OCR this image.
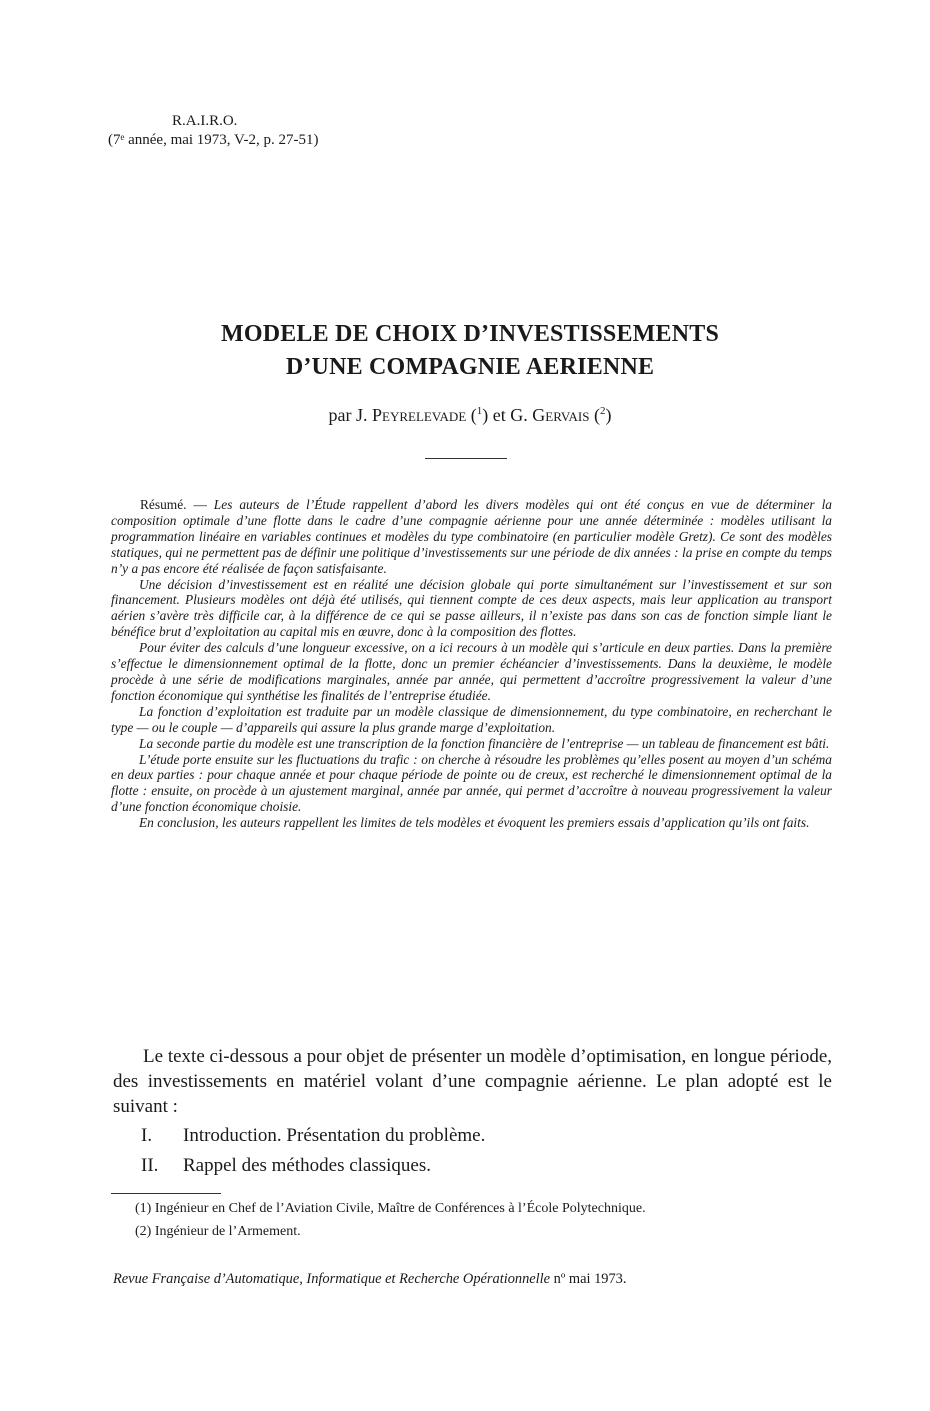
R.A.I.R.O.
(7ᵉ année, mai 1973, V-2, p. 27-51)
MODELE DE CHOIX D’INVESTISSEMENTS
D’UNE COMPAGNIE AERIENNE
par J. Peyrelevade ($^1$) et G. Gervais ($^2$)

Résumé. — Les auteurs de l’Étude rappellent d’abord les divers modèles qui ont été conçus en vue de déterminer la composition optimale d’une flotte dans le cadre d’une compagnie aérienne pour une année déterminée : modèles utilisant la programmation linéaire en variables continues et modèles du type combinatoire (en particulier modèle Gretz). Ce sont des modèles statiques, qui ne permettent pas de définir une politique d’investissements sur une période de dix années : la prise en compte du temps n’y a pas encore été réalisée de façon satisfaisante.

Une décision d’investissement est en réalité une décision globale qui porte simultanément sur l’investissement et sur son financement. Plusieurs modèles ont déjà été utilisés, qui tiennent compte de ces deux aspects, mais leur application au transport aérien s’avère très difficile car, à la différence de ce qui se passe ailleurs, il n’existe pas dans son cas de fonction simple liant le bénéfice brut d’exploitation au capital mis en œuvre, donc à la composition des flottes.

Pour éviter des calculs d’une longueur excessive, on a ici recours à un modèle qui s’articule en deux parties. Dans la première s’effectue le dimensionnement optimal de la flotte, donc un premier échéancier d’investissements. Dans la deuxième, le modèle procède à une série de modifications marginales, année par année, qui permettent d’accroître progressivement la valeur d’une fonction économique qui synthétise les finalités de l’entreprise étudiée.

La fonction d’exploitation est traduite par un modèle classique de dimensionnement, du type combinatoire, en recherchant le type — ou le couple — d’appareils qui assure la plus grande marge d’exploitation.

La seconde partie du modèle est une transcription de la fonction financière de l’entreprise — un tableau de financement est bâti.

L’étude porte ensuite sur les fluctuations du trafic : on cherche à résoudre les problèmes qu’elles posent au moyen d’un schéma en deux parties : pour chaque année et pour chaque période de pointe ou de creux, est recherché le dimensionnement optimal de la flotte : ensuite, on procède à un ajustement marginal, année par année, qui permet d’accroître à nouveau progressivement la valeur d’une fonction économique choisie.

En conclusion, les auteurs rappellent les limites de tels modèles et évoquent les premiers essais d’application qu’ils ont faits.

Le texte ci-dessous a pour objet de présenter un modèle d’optimisation, en longue période, des investissements en matériel volant d’une compagnie aérienne. Le plan adopté est le suivant :

I. Introduction. Présentation du problème.
II. Rappel des méthodes classiques.
(1) Ingénieur en Chef de l’Aviation Civile, Maître de Conférences à l’École Polytechnique.
(2) Ingénieur de l’Armement.
Revue Française d’Automatique, Informatique et Recherche Opérationnelle nº mai 1973.
